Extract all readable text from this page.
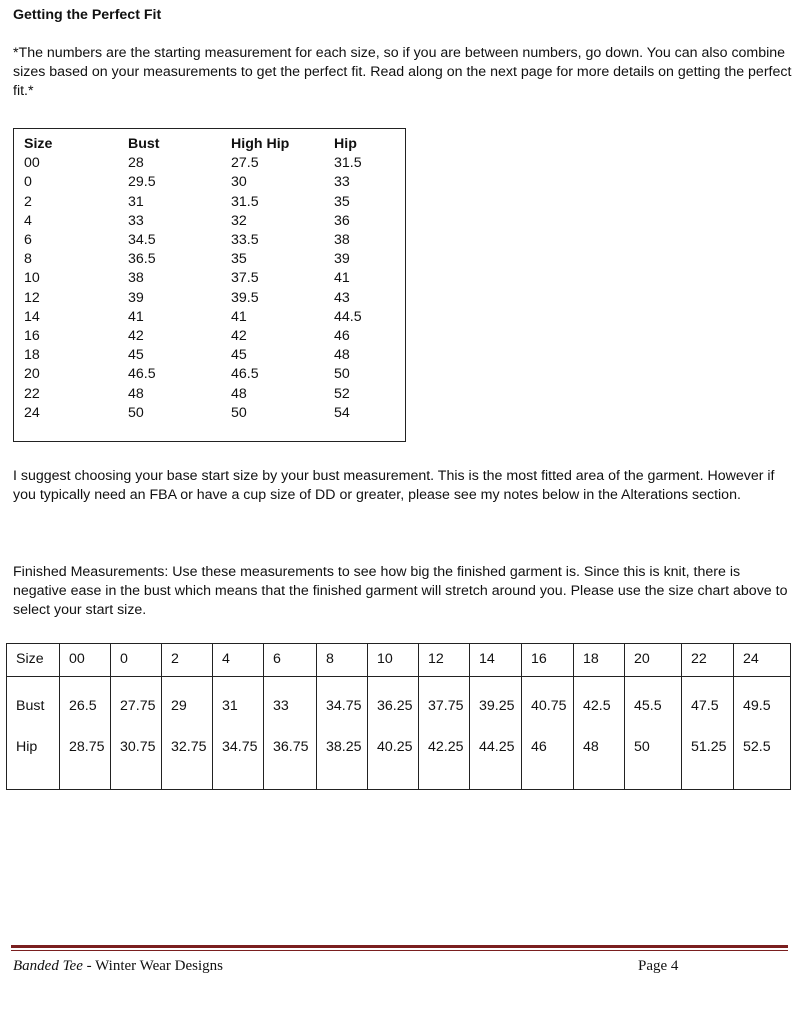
Getting the Perfect Fit
*The numbers are the starting measurement for each size, so if you are between numbers, go down. You can also combine sizes based on your measurements to get the perfect fit. Read along on the next page for more details on getting the perfect fit.*
Size	Bust	High Hip	Hip
00	28	27.5	31.5
0	29.5	30	33
2	31	31.5	35
4	33	32	36
6	34.5	33.5	38
8	36.5	35	39
10	38	37.5	41
12	39	39.5	43
14	41	41	44.5
16	42	42	46
18	45	45	48
20	46.5	46.5	50
22	48	48	52
24	50	50	54
I suggest choosing your base start size by your bust measurement. This is the most fitted area of the garment. However if you typically need an FBA or have a cup size of DD or greater, please see my notes below in the Alterations section.
Finished Measurements: Use these measurements to see how big the finished garment is. Since this is knit, there is negative ease in the bust which means that the finished garment will stretch around you. Please use the size chart above to select your start size.
Size	00	0	2	4	6	8	10	12	14	16	18	20	22	24
Bust	26.5	27.75	29	31	33	34.75	36.25	37.75	39.25	40.75	42.5	45.5	47.5	49.5
Hip	28.75	30.75	32.75	34.75	36.75	38.25	40.25	42.25	44.25	46	48	50	51.25	52.5
Banded Tee - Winter Wear Designs	Page 4
